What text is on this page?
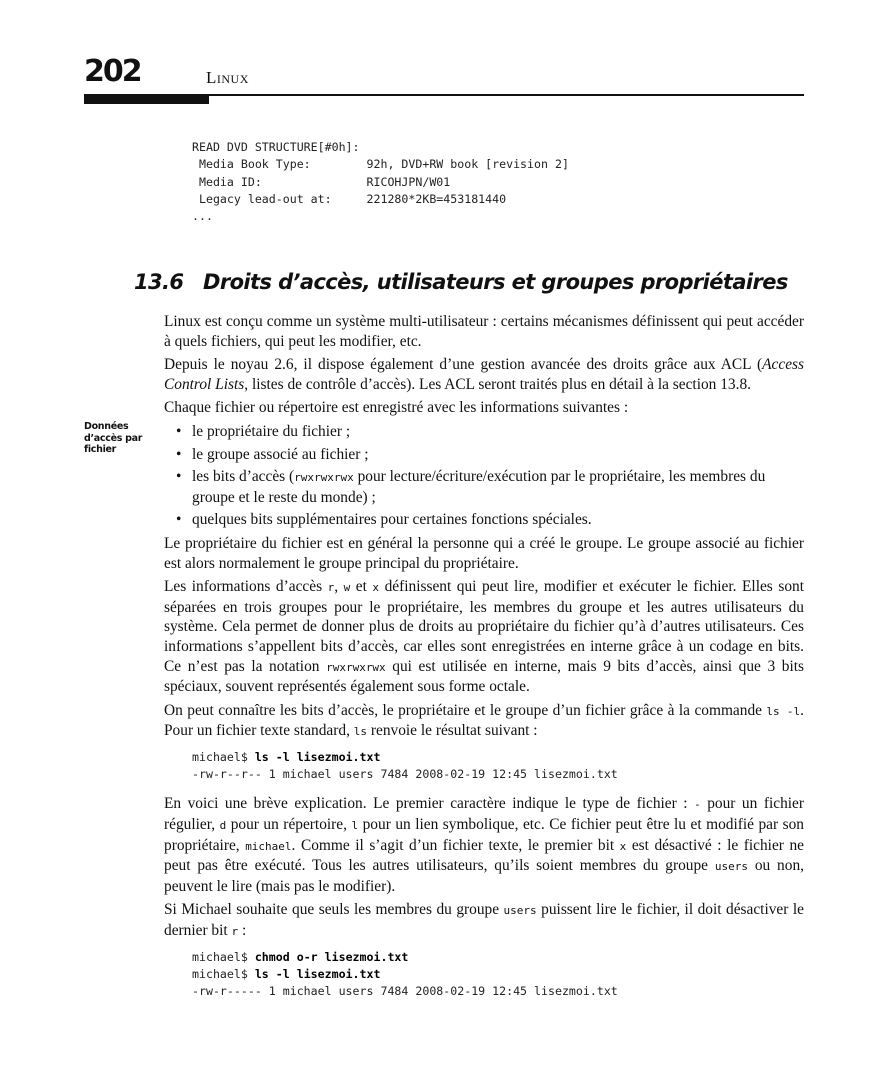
202	Linux
READ DVD STRUCTURE[#0h]:
Media Book Type:        92h, DVD+RW book [revision 2]
Media ID:               RICOHJPN/W01
Legacy lead-out at:     221280*2KB=453181440
...
13.6 Droits d’accès, utilisateurs et groupes propriétaires
Données
d’accès par
fichier

Linux est conçu comme un système multi-utilisateur : certains mécanismes définissent qui peut accéder à quels fichiers, qui peut les modifier, etc.

Depuis le noyau 2.6, il dispose également d’une gestion avancée des droits grâce aux ACL (Access Control Lists, listes de contrôle d’accès). Les ACL seront traités plus en détail à la section 13.8.

Chaque fichier ou répertoire est enregistré avec les informations suivantes :

• le propriétaire du fichier ;
• le groupe associé au fichier ;
• les bits d’accès (rwxrwxrwx pour lecture/écriture/exécution par le propriétaire, les membres du groupe et le reste du monde) ;
• quelques bits supplémentaires pour certaines fonctions spéciales.

Le propriétaire du fichier est en général la personne qui a créé le groupe. Le groupe associé au fichier est alors normalement le groupe principal du propriétaire.

Les informations d’accès r, w et x définissent qui peut lire, modifier et exécuter le fichier. Elles sont séparées en trois groupes pour le propriétaire, les membres du groupe et les autres utilisateurs du système. Cela permet de donner plus de droits au propriétaire du fichier qu’à d’autres utilisateurs. Ces informations s’appellent bits d’accès, car elles sont enregistrées en interne grâce à un codage en bits. Ce n’est pas la notation rwxrwxrwx qui est utilisée en interne, mais 9 bits d’accès, ainsi que 3 bits spéciaux, souvent représentés également sous forme octale.

On peut connaître les bits d’accès, le propriétaire et le groupe d’un fichier grâce à la commande ls -l. Pour un fichier texte standard, ls renvoie le résultat suivant :

michael$ ls -l lisezmoi.txt
-rw-r--r-- 1 michael users 7484 2008-02-19 12:45 lisezmoi.txt

En voici une brève explication. Le premier caractère indique le type de fichier : - pour un fichier régulier, d pour un répertoire, l pour un lien symbolique, etc. Ce fichier peut être lu et modifié par son propriétaire, michael. Comme il s’agit d’un fichier texte, le premier bit x est désactivé : le fichier ne peut pas être exécuté. Tous les autres utilisateurs, qu’ils soient membres du groupe users ou non, peuvent le lire (mais pas le modifier).

Si Michael souhaite que seuls les membres du groupe users puissent lire le fichier, il doit désactiver le dernier bit r :

michael$ chmod o-r lisezmoi.txt
michael$ ls -l lisezmoi.txt
-rw-r----- 1 michael users 7484 2008-02-19 12:45 lisezmoi.txt
